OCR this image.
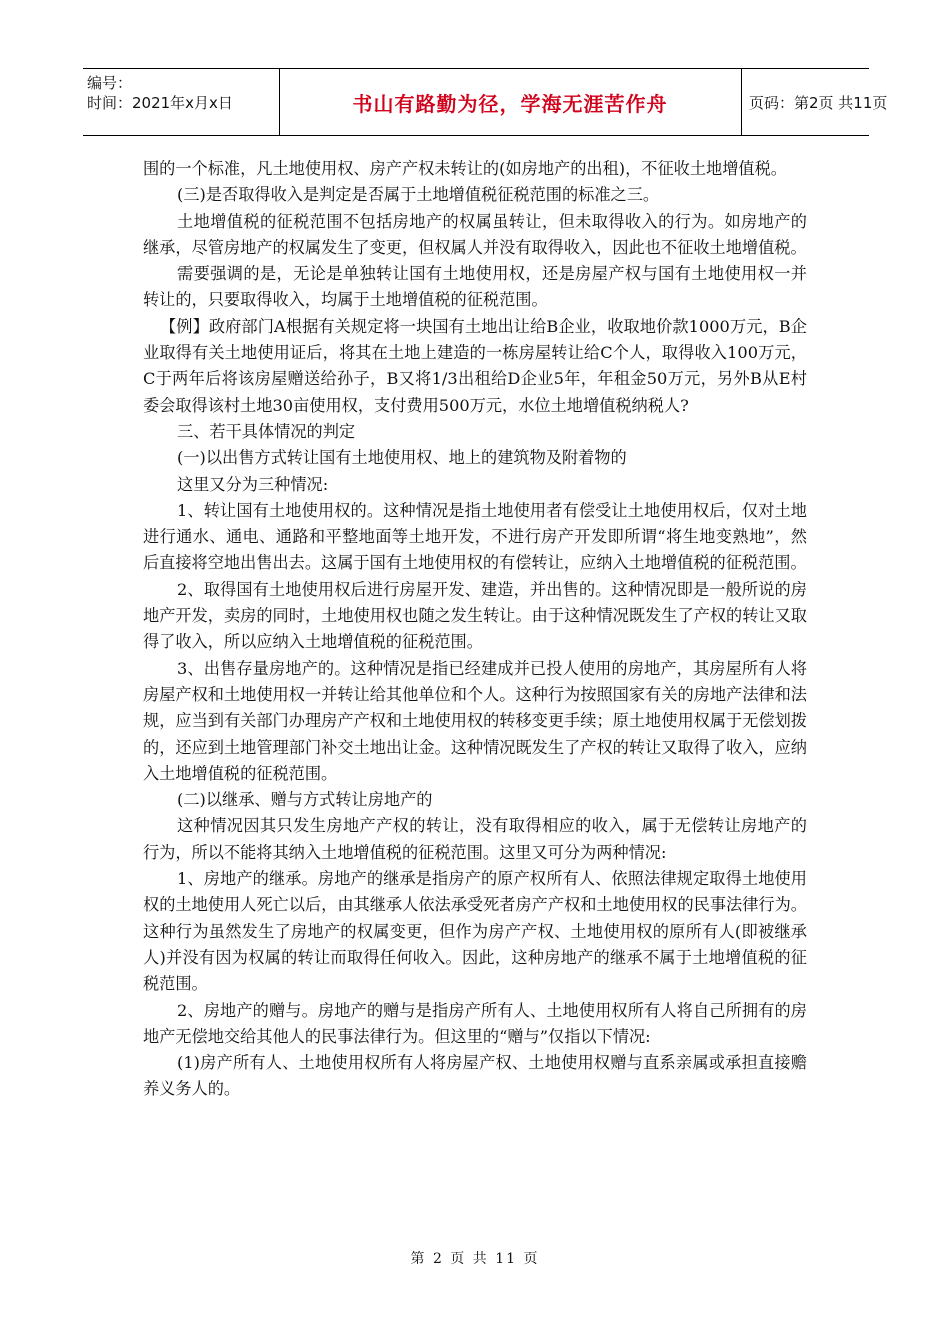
编号：
时间：2021年x月x日	书山有路勤为径，学海无涯苦作舟	页码：第2页 共11页

围的一个标准，凡土地使用权、房产产权未转让的(如房地产的出租)，不征收土地增值税。

(三)是否取得收入是判定是否属于土地增值税征税范围的标准之三。

土地增值税的征税范围不包括房地产的权属虽转让，但未取得收入的行为。如房地产的继承，尽管房地产的权属发生了变更，但权属人并没有取得收入，因此也不征收土地增值税。

需要强调的是，无论是单独转让国有土地使用权，还是房屋产权与国有土地使用权一并转让的，只要取得收入，均属于土地增值税的征税范围。

【例】政府部门A根据有关规定将一块国有土地出让给B企业，收取地价款1000万元，B企业取得有关土地使用证后，将其在土地上建造的一栋房屋转让给C个人，取得收入100万元，C于两年后将该房屋赠送给孙子，B又将1/3出租给D企业5年，年租金50万元，另外B从E村委会取得该村土地30亩使用权，支付费用500万元，水位土地增值税纳税人?

三、若干具体情况的判定

(一)以出售方式转让国有土地使用权、地上的建筑物及附着物的

这里又分为三种情况:

1、转让国有土地使用权的。这种情况是指土地使用者有偿受让土地使用权后，仅对土地进行通水、通电、通路和平整地面等土地开发，不进行房产开发即所谓“将生地变熟地”，然后直接将空地出售出去。这属于国有土地使用权的有偿转让，应纳入土地增值税的征税范围。

2、取得国有土地使用权后进行房屋开发、建造，并出售的。这种情况即是一般所说的房地产开发，卖房的同时，土地使用权也随之发生转让。由于这种情况既发生了产权的转让又取得了收入，所以应纳入土地增值税的征税范围。

3、出售存量房地产的。这种情况是指已经建成并已投人使用的房地产，其房屋所有人将房屋产权和土地使用权一并转让给其他单位和个人。这种行为按照国家有关的房地产法律和法规，应当到有关部门办理房产产权和土地使用权的转移变更手续；原土地使用权属于无偿划拨的，还应到土地管理部门补交土地出让金。这种情况既发生了产权的转让又取得了收入，应纳入土地增值税的征税范围。

(二)以继承、赠与方式转让房地产的

这种情况因其只发生房地产产权的转让，没有取得相应的收入，属于无偿转让房地产的行为，所以不能将其纳入土地增值税的征税范围。这里又可分为两种情况:

1、房地产的继承。房地产的继承是指房产的原产权所有人、依照法律规定取得土地使用权的土地使用人死亡以后，由其继承人依法承受死者房产产权和土地使用权的民事法律行为。这种行为虽然发生了房地产的权属变更，但作为房产产权、土地使用权的原所有人(即被继承人)并没有因为权属的转让而取得任何收入。因此，这种房地产的继承不属于土地增值税的征税范围。

2、房地产的赠与。房地产的赠与是指房产所有人、土地使用权所有人将自己所拥有的房地产无偿地交给其他人的民事法律行为。但这里的“赠与”仅指以下情况:

(1)房产所有人、土地使用权所有人将房屋产权、土地使用权赠与直系亲属或承担直接赡养义务人的。

第 2 页 共 11 页
